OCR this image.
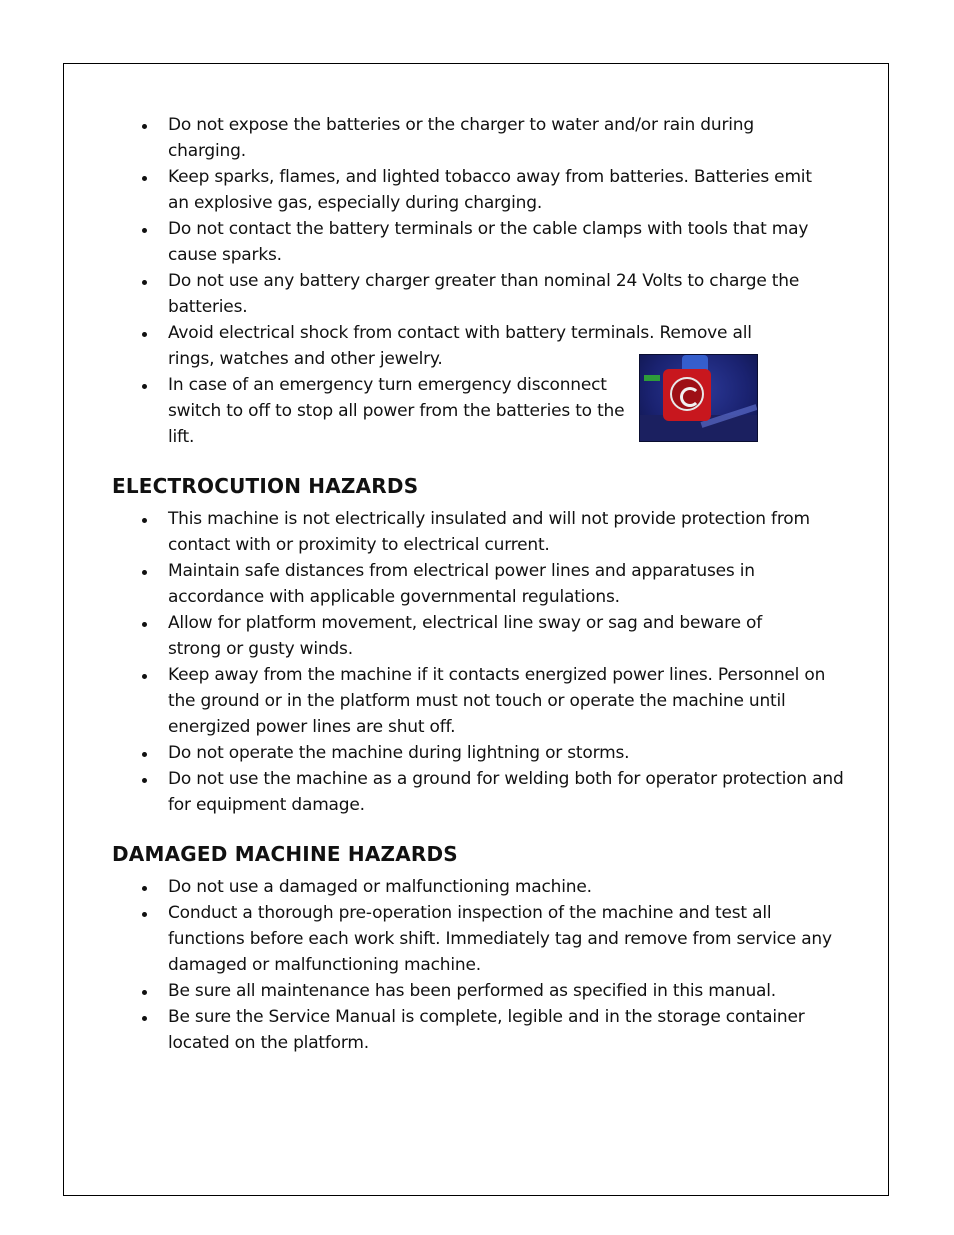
Do not expose the batteries or the charger to water and/or rain during charging.
Keep sparks, flames, and lighted tobacco away from batteries. Batteries emit an explosive gas, especially during charging.
Do not contact the battery terminals or the cable clamps with tools that may cause sparks.
Do not use any battery charger greater than nominal 24 Volts to charge the batteries.
Avoid electrical shock from contact with battery terminals. Remove all rings, watches and other jewelry.
In case of an emergency turn emergency disconnect switch to off to stop all power from the batteries to the lift.
ELECTROCUTION HAZARDS
This machine is not electrically insulated and will not provide protection from contact with or proximity to electrical current.
Maintain safe distances from electrical power lines and apparatuses in accordance with applicable governmental regulations.
Allow for platform movement, electrical line sway or sag and beware of strong or gusty winds.
Keep away from the machine if it contacts energized power lines. Personnel on the ground or in the platform must not touch or operate the machine until energized power lines are shut off.
Do not operate the machine during lightning or storms.
Do not use the machine as a ground for welding both for operator protection and for equipment damage.
DAMAGED MACHINE HAZARDS
Do not use a damaged or malfunctioning machine.
Conduct a thorough pre-operation inspection of the machine and test all functions before each work shift. Immediately tag and remove from service any damaged or malfunctioning machine.
Be sure all maintenance has been performed as specified in this manual.
Be sure the Service Manual is complete, legible and in the storage container located on the platform.
